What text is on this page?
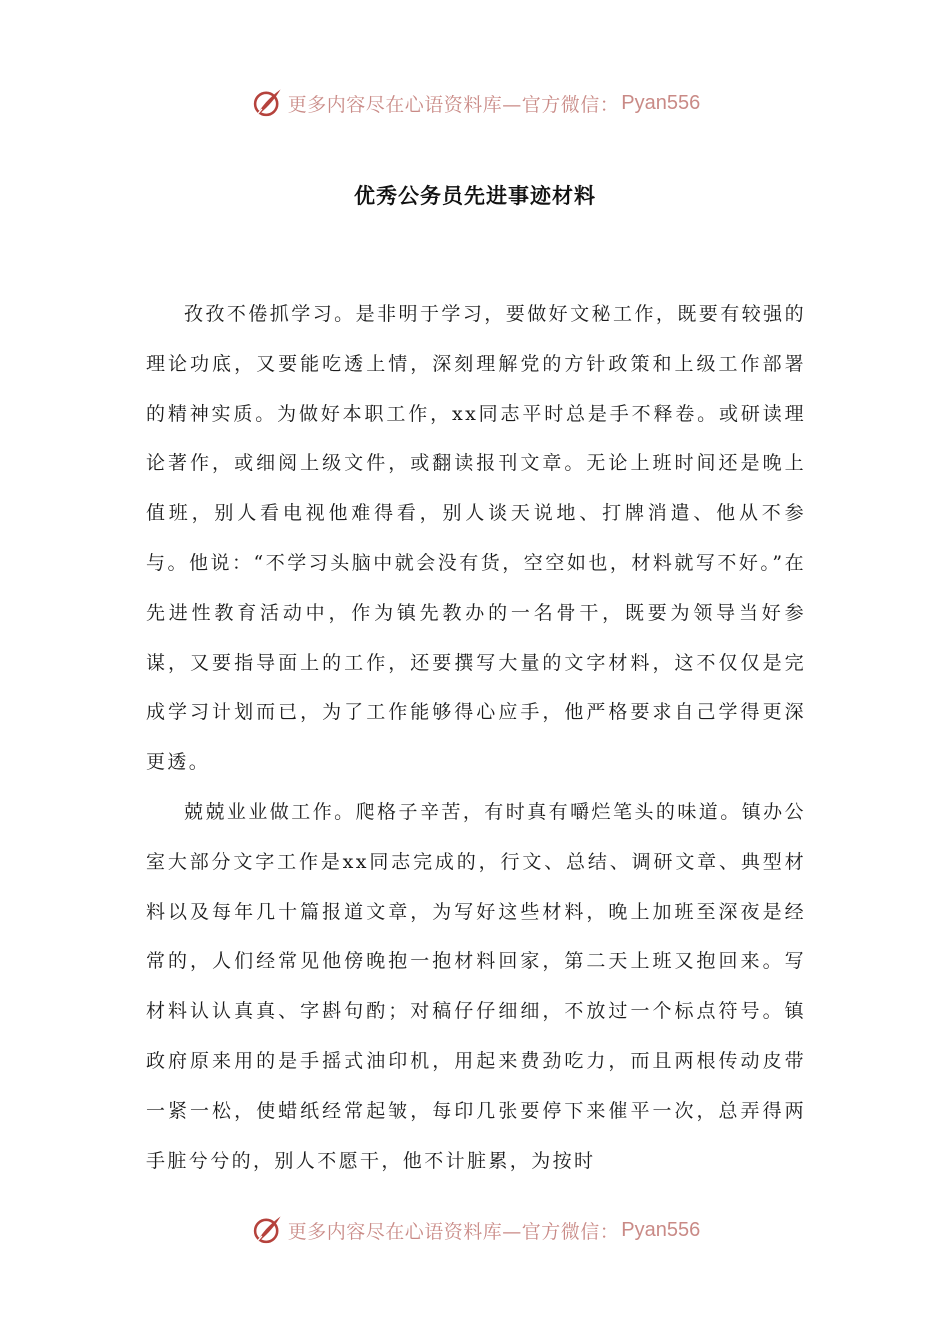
更多内容尽在心语资料库—官方微信： Pyan556
优秀公务员先进事迹材料

孜孜不倦抓学习。是非明于学习，要做好文秘工作，既要有较强的理论功底，又要能吃透上情，深刻理解党的方针政策和上级工作部署的精神实质。为做好本职工作，xx同志平时总是手不释卷。或研读理论著作，或细阅上级文件，或翻读报刊文章。无论上班时间还是晚上值班，别人看电视他难得看，别人谈天说地、打牌消遣、他从不参与。他说：“不学习头脑中就会没有货，空空如也，材料就写不好。”在先进性教育活动中，作为镇先教办的一名骨干，既要为领导当好参谋，又要指导面上的工作，还要撰写大量的文字材料，这不仅仅是完成学习计划而已，为了工作能够得心应手，他严格要求自己学得更深更透。

兢兢业业做工作。爬格子辛苦，有时真有嚼烂笔头的味道。镇办公室大部分文字工作是xx同志完成的，行文、总结、调研文章、典型材料以及每年几十篇报道文章，为写好这些材料，晚上加班至深夜是经常的，人们经常见他傍晚抱一抱材料回家，第二天上班又抱回来。写材料认认真真、字斟句酌；对稿仔仔细细，不放过一个标点符号。镇政府原来用的是手摇式油印机，用起来费劲吃力，而且两根传动皮带一紧一松，使蜡纸经常起皱，每印几张要停下来催平一次，总弄得两手脏兮兮的，别人不愿干，他不计脏累，为按时

更多内容尽在心语资料库—官方微信： Pyan556
